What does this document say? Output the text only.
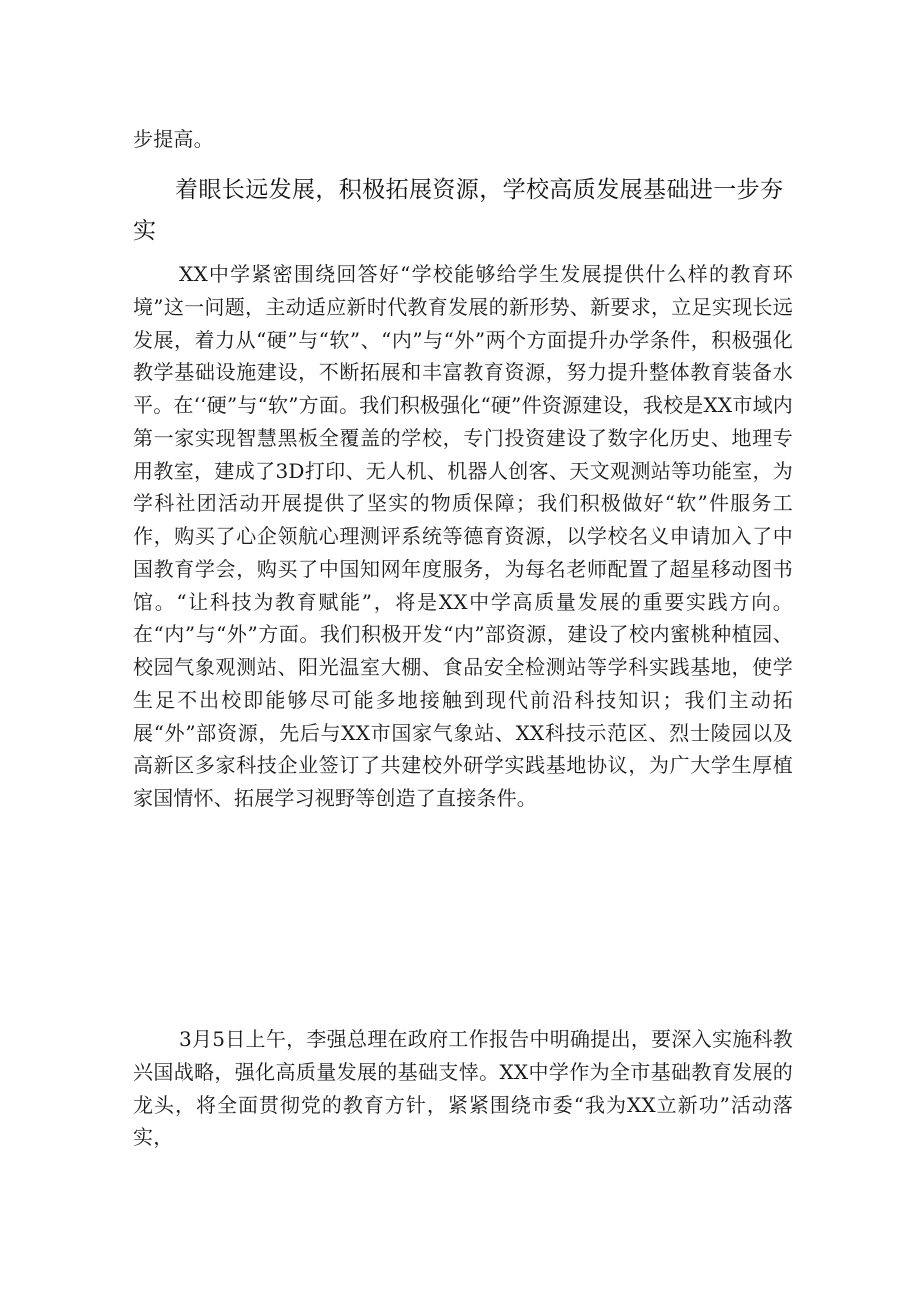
步提高。

着眼长远发展，积极拓展资源，学校高质发展基础进一步夯实

XX中学紧密围绕回答好“学校能够给学生发展提供什么样的教育环境”这一问题，主动适应新时代教育发展的新形势、新要求，立足实现长远发展，着力从“硬”与“软”、“内”与“外”两个方面提升办学条件，积极强化教学基础设施建设，不断拓展和丰富教育资源，努力提升整体教育装备水平。在‘‘硬”与“软”方面。我们积极强化“硬”件资源建设，我校是XX市域内第一家实现智慧黑板全覆盖的学校，专门投资建设了数字化历史、地理专用教室，建成了3D打印、无人机、机器人创客、天文观测站等功能室，为学科社团活动开展提供了坚实的物质保障；我们积极做好“软”件服务工作，购买了心企领航心理测评系统等德育资源，以学校名义申请加入了中国教育学会，购买了中国知网年度服务，为每名老师配置了超星移动图书馆。“让科技为教育赋能”，将是XX中学高质量发展的重要实践方向。在“内”与“外”方面。我们积极开发“内”部资源，建设了校内蜜桃种植园、校园气象观测站、阳光温室大棚、食品安全检测站等学科实践基地，使学生足不出校即能够尽可能多地接触到现代前沿科技知识；我们主动拓展“外”部资源，先后与XX市国家气象站、XX科技示范区、烈士陵园以及高新区多家科技企业签订了共建校外研学实践基地协议，为广大学生厚植家国情怀、拓展学习视野等创造了直接条件。

3月5日上午，李强总理在政府工作报告中明确提出，要深入实施科教兴国战略，强化高质量发展的基础支悻。XX中学作为全市基础教育发展的龙头，将全面贯彻党的教育方针，紧紧围绕市委“我为XX立新功”活动落实，
